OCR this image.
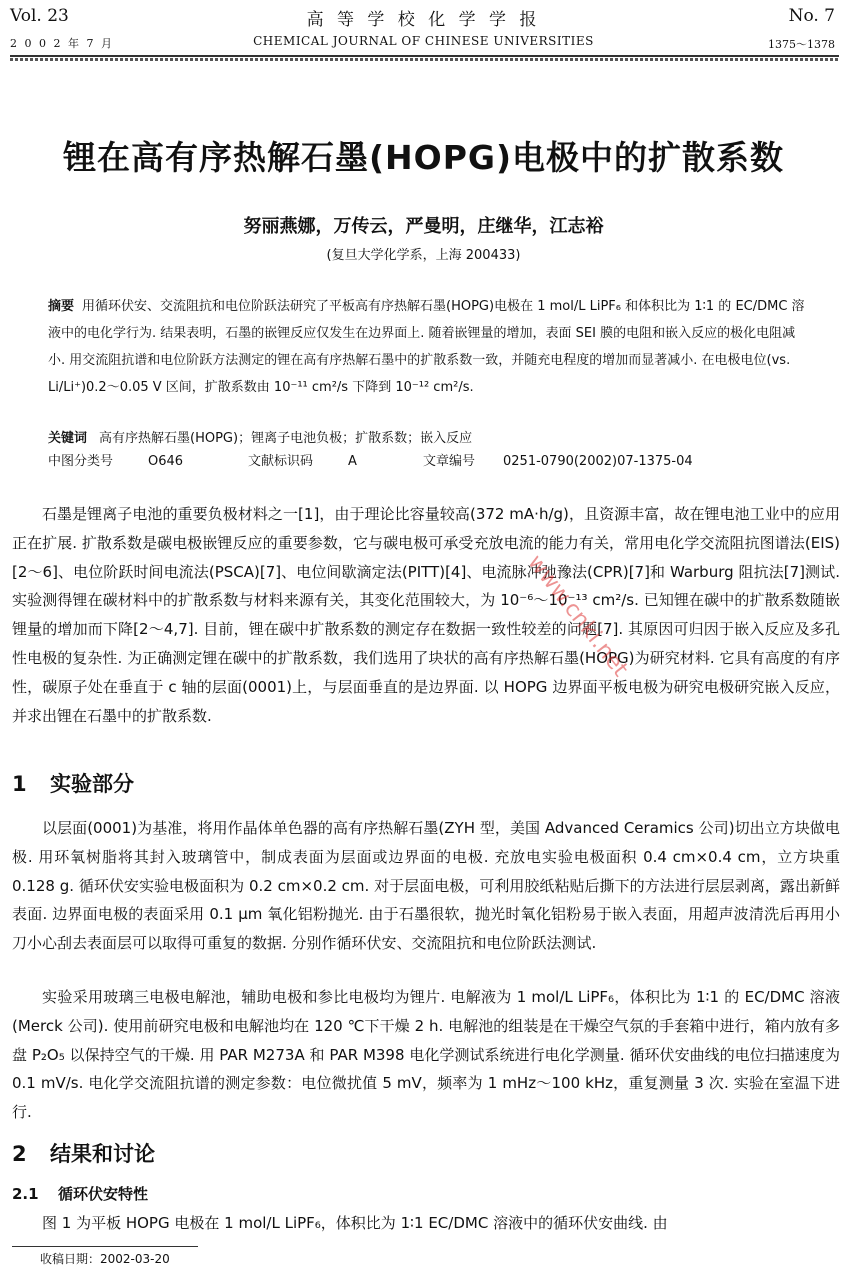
Vol. 23
2 0 0 2 年 7 月
高 等 学 校 化 学 学 报
CHEMICAL JOURNAL OF CHINESE UNIVERSITIES
No. 7
1375～1378
锂在高有序热解石墨(HOPG)电极中的扩散系数
努丽燕娜，万传云，严曼明，庄继华，江志裕
(复旦大学化学系，上海 200433)
摘要 用循环伏安、交流阻抗和电位阶跃法研究了平板高有序热解石墨(HOPG)电极在 1 mol/L LiPF₆ 和体积比为 1∶1 的 EC/DMC 溶液中的电化学行为. 结果表明，石墨的嵌锂反应仅发生在边界面上. 随着嵌锂量的增加，表面 SEI 膜的电阻和嵌入反应的极化电阻减小. 用交流阻抗谱和电位阶跃方法测定的锂在高有序热解石墨中的扩散系数一致，并随充电程度的增加而显著减小. 在电极电位(vs. Li/Li⁺)0.2～0.05 V 区间，扩散系数由 10⁻¹¹ cm²/s 下降到 10⁻¹² cm²/s.
关键词 高有序热解石墨(HOPG)；锂离子电池负极；扩散系数；嵌入反应
中图分类号	O646	文献标识码	A	文章编号 0251-0790(2002)07-1375-04

石墨是锂离子电池的重要负极材料之一[1]，由于理论比容量较高(372 mA·h/g)，且资源丰富，故在锂电池工业中的应用正在扩展. 扩散系数是碳电极嵌锂反应的重要参数，它与碳电极可承受充放电流的能力有关，常用电化学交流阻抗图谱法(EIS)[2～6]、电位阶跃时间电流法(PSCA)[7]、电位间歇滴定法(PITT)[4]、电流脉冲弛豫法(CPR)[7]和 Warburg 阻抗法[7]测试. 实验测得锂在碳材料中的扩散系数与材料来源有关，其变化范围较大，为 10⁻⁶～10⁻¹³ cm²/s. 已知锂在碳中的扩散系数随嵌锂量的增加而下降[2～4,7]. 目前，锂在碳中扩散系数的测定存在数据一致性较差的问题[7]. 其原因可归因于嵌入反应及多孔性电极的复杂性. 为正确测定锂在碳中的扩散系数，我们选用了块状的高有序热解石墨(HOPG)为研究材料. 它具有高度的有序性，碳原子处在垂直于 c 轴的层面(0001)上，与层面垂直的是边界面. 以 HOPG 边界面平板电极为研究电极研究嵌入反应，并求出锂在石墨中的扩散系数.

1 实验部分

以层面(0001)为基准，将用作晶体单色器的高有序热解石墨(ZYH 型，美国 Advanced Ceramics 公司)切出立方块做电极. 用环氧树脂将其封入玻璃管中，制成表面为层面或边界面的电极. 充放电实验电极面积 0.4 cm×0.4 cm，立方块重 0.128 g. 循环伏安实验电极面积为 0.2 cm×0.2 cm. 对于层面电极，可利用胶纸粘贴后撕下的方法进行层层剥离，露出新鲜表面. 边界面电极的表面采用 0.1 μm 氧化铝粉抛光. 由于石墨很软，抛光时氧化铝粉易于嵌入表面，用超声波清洗后再用小刀小心刮去表面层可以取得可重复的数据. 分别作循环伏安、交流阻抗和电位阶跃法测试.

实验采用玻璃三电极电解池，辅助电极和参比电极均为锂片. 电解液为 1 mol/L LiPF₆，体积比为 1∶1 的 EC/DMC 溶液(Merck 公司). 使用前研究电极和电解池均在 120 ℃下干燥 2 h. 电解池的组装是在干燥空气氛的手套箱中进行，箱内放有多盘 P₂O₅ 以保持空气的干燥. 用 PAR M273A 和 PAR M398 电化学测试系统进行电化学测量. 循环伏安曲线的电位扫描速度为 0.1 mV/s. 电化学交流阻抗谱的测定参数：电位微扰值 5 mV，频率为 1 mHz～100 kHz，重复测量 3 次. 实验在室温下进行.

2 结果和讨论
2.1 循环伏安特性

图 1 为平板 HOPG 电极在 1 mol/L LiPF₆，体积比为 1∶1 EC/DMC 溶液中的循环伏安曲线. 由

收稿日期：2002-03-20
www.cnki.net
